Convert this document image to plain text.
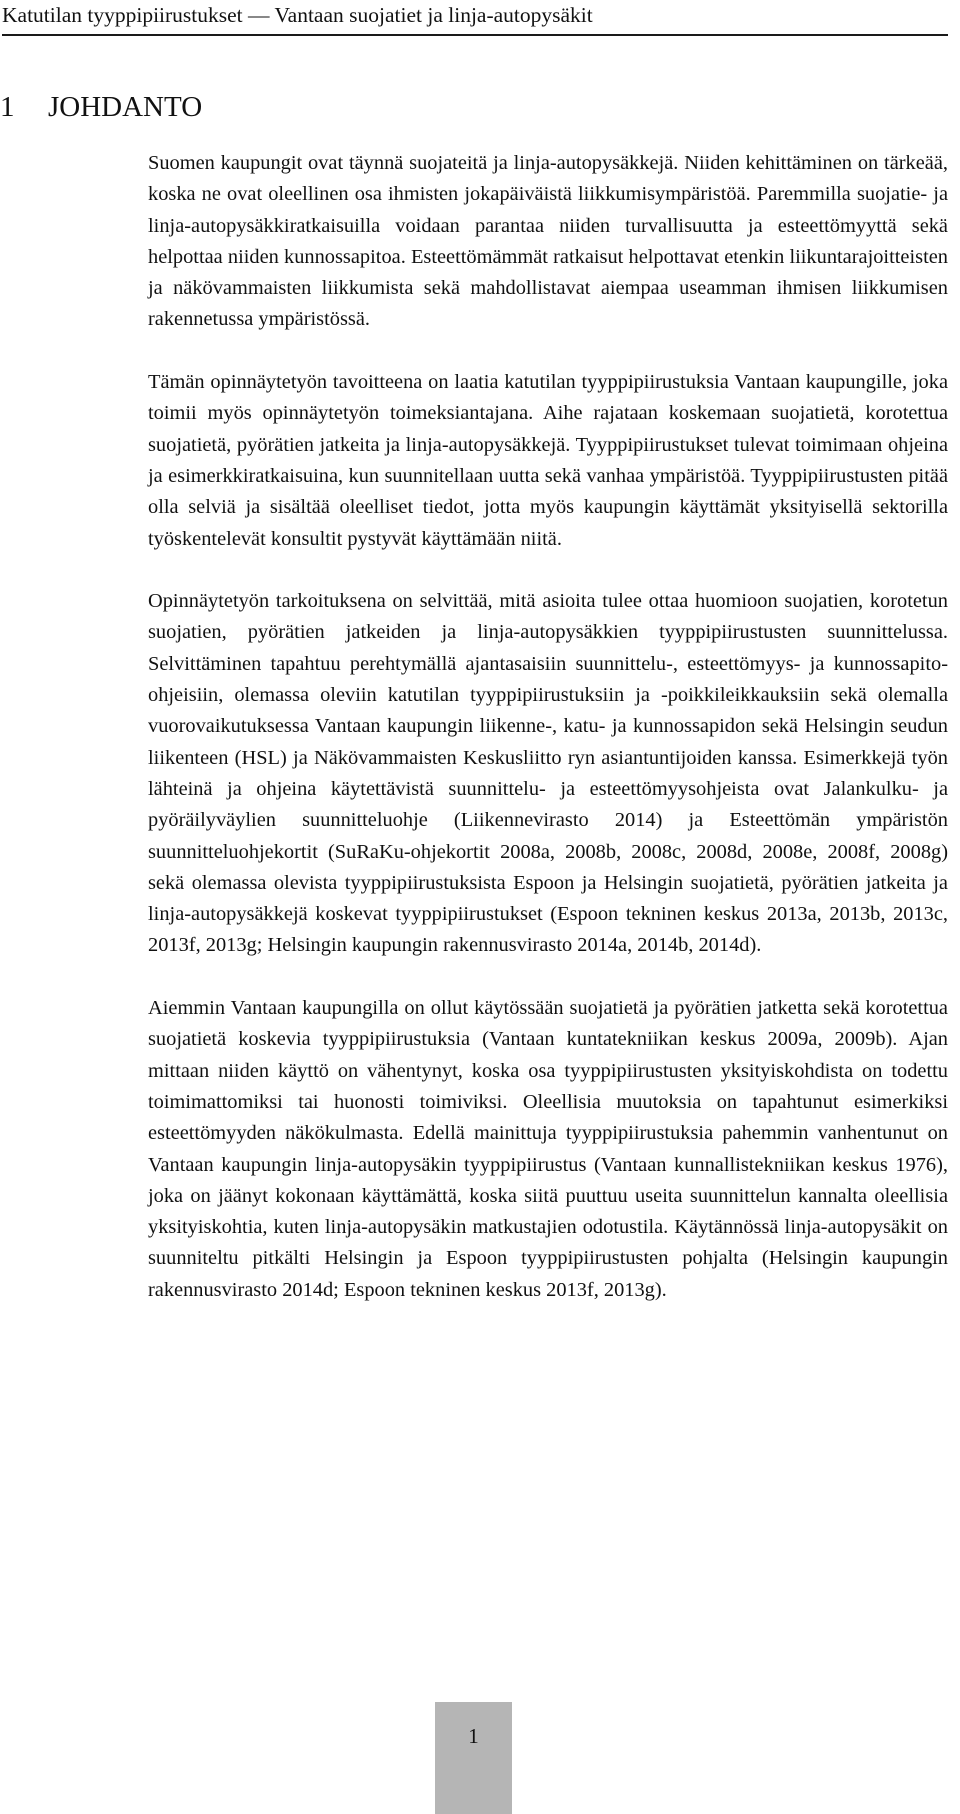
Katutilan tyyppipiirustukset — Vantaan suojatiet ja linja-autopysäkit
1 JOHDANTO

Suomen kaupungit ovat täynnä suojateitä ja linja-autopysäkkejä. Niiden kehittäminen on tärkeää, koska ne ovat oleellinen osa ihmisten jokapäiväistä liikkumisympäristöä. Paremmilla suojatie- ja linja-autopysäkkiratkaisuilla voidaan parantaa niiden turvallisuutta ja esteettömyyttä sekä helpottaa niiden kunnossapitoa. Esteettömämmät ratkaisut helpottavat etenkin liikuntarajoitteisten ja näkövammaisten liikkumista sekä mahdollistavat aiempaa useamman ihmisen liikkumisen rakennetussa ympäristössä.

Tämän opinnäytetyön tavoitteena on laatia katutilan tyyppipiirustuksia Vantaan kaupungille, joka toimii myös opinnäytetyön toimeksiantajana. Aihe rajataan koskemaan suojatietä, korotettua suojatietä, pyörätien jatkeita ja linja-autopysäkkejä. Tyyppipiirustukset tulevat toimimaan ohjeina ja esimerkkiratkaisuina, kun suunnitellaan uutta sekä vanhaa ympäristöä. Tyyppipiirustusten pitää olla selviä ja sisältää oleelliset tiedot, jotta myös kaupungin käyttämät yksityisellä sektorilla työskentelevät konsultit pystyvät käyttämään niitä.

Opinnäytetyön tarkoituksena on selvittää, mitä asioita tulee ottaa huomioon suojatien, korotetun suojatien, pyörätien jatkeiden ja linja-autopysäkkien tyyppipiirustusten suunnittelussa. Selvittäminen tapahtuu perehtymällä ajantasaisiin suunnittelu-, esteettömyys- ja kunnossapito-ohjeisiin, olemassa oleviin katutilan tyyppipiirustuksiin ja -poikkileikkauksiin sekä olemalla vuorovaikutuksessa Vantaan kaupungin liikenne-, katu- ja kunnossapidon sekä Helsingin seudun liikenteen (HSL) ja Näkövammaisten Keskusliitto ryn asiantuntijoiden kanssa. Esimerkkejä työn lähteinä ja ohjeina käytettävistä suunnittelu- ja esteettömyysohjeista ovat Jalankulku- ja pyöräilyväylien suunnitteluohje (Liikennevirasto 2014) ja Esteettömän ympäristön suunnitteluohjekortit (SuRaKu-ohjekortit 2008a, 2008b, 2008c, 2008d, 2008e, 2008f, 2008g) sekä olemassa olevista tyyppipiirustuksista Espoon ja Helsingin suojatietä, pyörätien jatkeita ja linja-autopysäkkejä koskevat tyyppipiirustukset (Espoon tekninen keskus 2013a, 2013b, 2013c, 2013f, 2013g; Helsingin kaupungin rakennusvirasto 2014a, 2014b, 2014d).

Aiemmin Vantaan kaupungilla on ollut käytössään suojatietä ja pyörätien jatketta sekä korotettua suojatietä koskevia tyyppipiirustuksia (Vantaan kuntatekniikan keskus 2009a, 2009b). Ajan mittaan niiden käyttö on vähentynyt, koska osa tyyppipiirustusten yksityiskohdista on todettu toimimattomiksi tai huonosti toimiviksi. Oleellisia muutoksia on tapahtunut esimerkiksi esteettömyyden näkökulmasta. Edellä mainittuja tyyppipiirustuksia pahemmin vanhentunut on Vantaan kaupungin linja-autopysäkin tyyppipiirustus (Vantaan kunnallistekniikan keskus 1976), joka on jäänyt kokonaan käyttämättä, koska siitä puuttuu useita suunnittelun kannalta oleellisia yksityiskohtia, kuten linja-autopysäkin matkustajien odotustila. Käytännössä linja-autopysäkit on suunniteltu pitkälti Helsingin ja Espoon tyyppipiirustusten pohjalta (Helsingin kaupungin rakennusvirasto 2014d; Espoon tekninen keskus 2013f, 2013g).

1
